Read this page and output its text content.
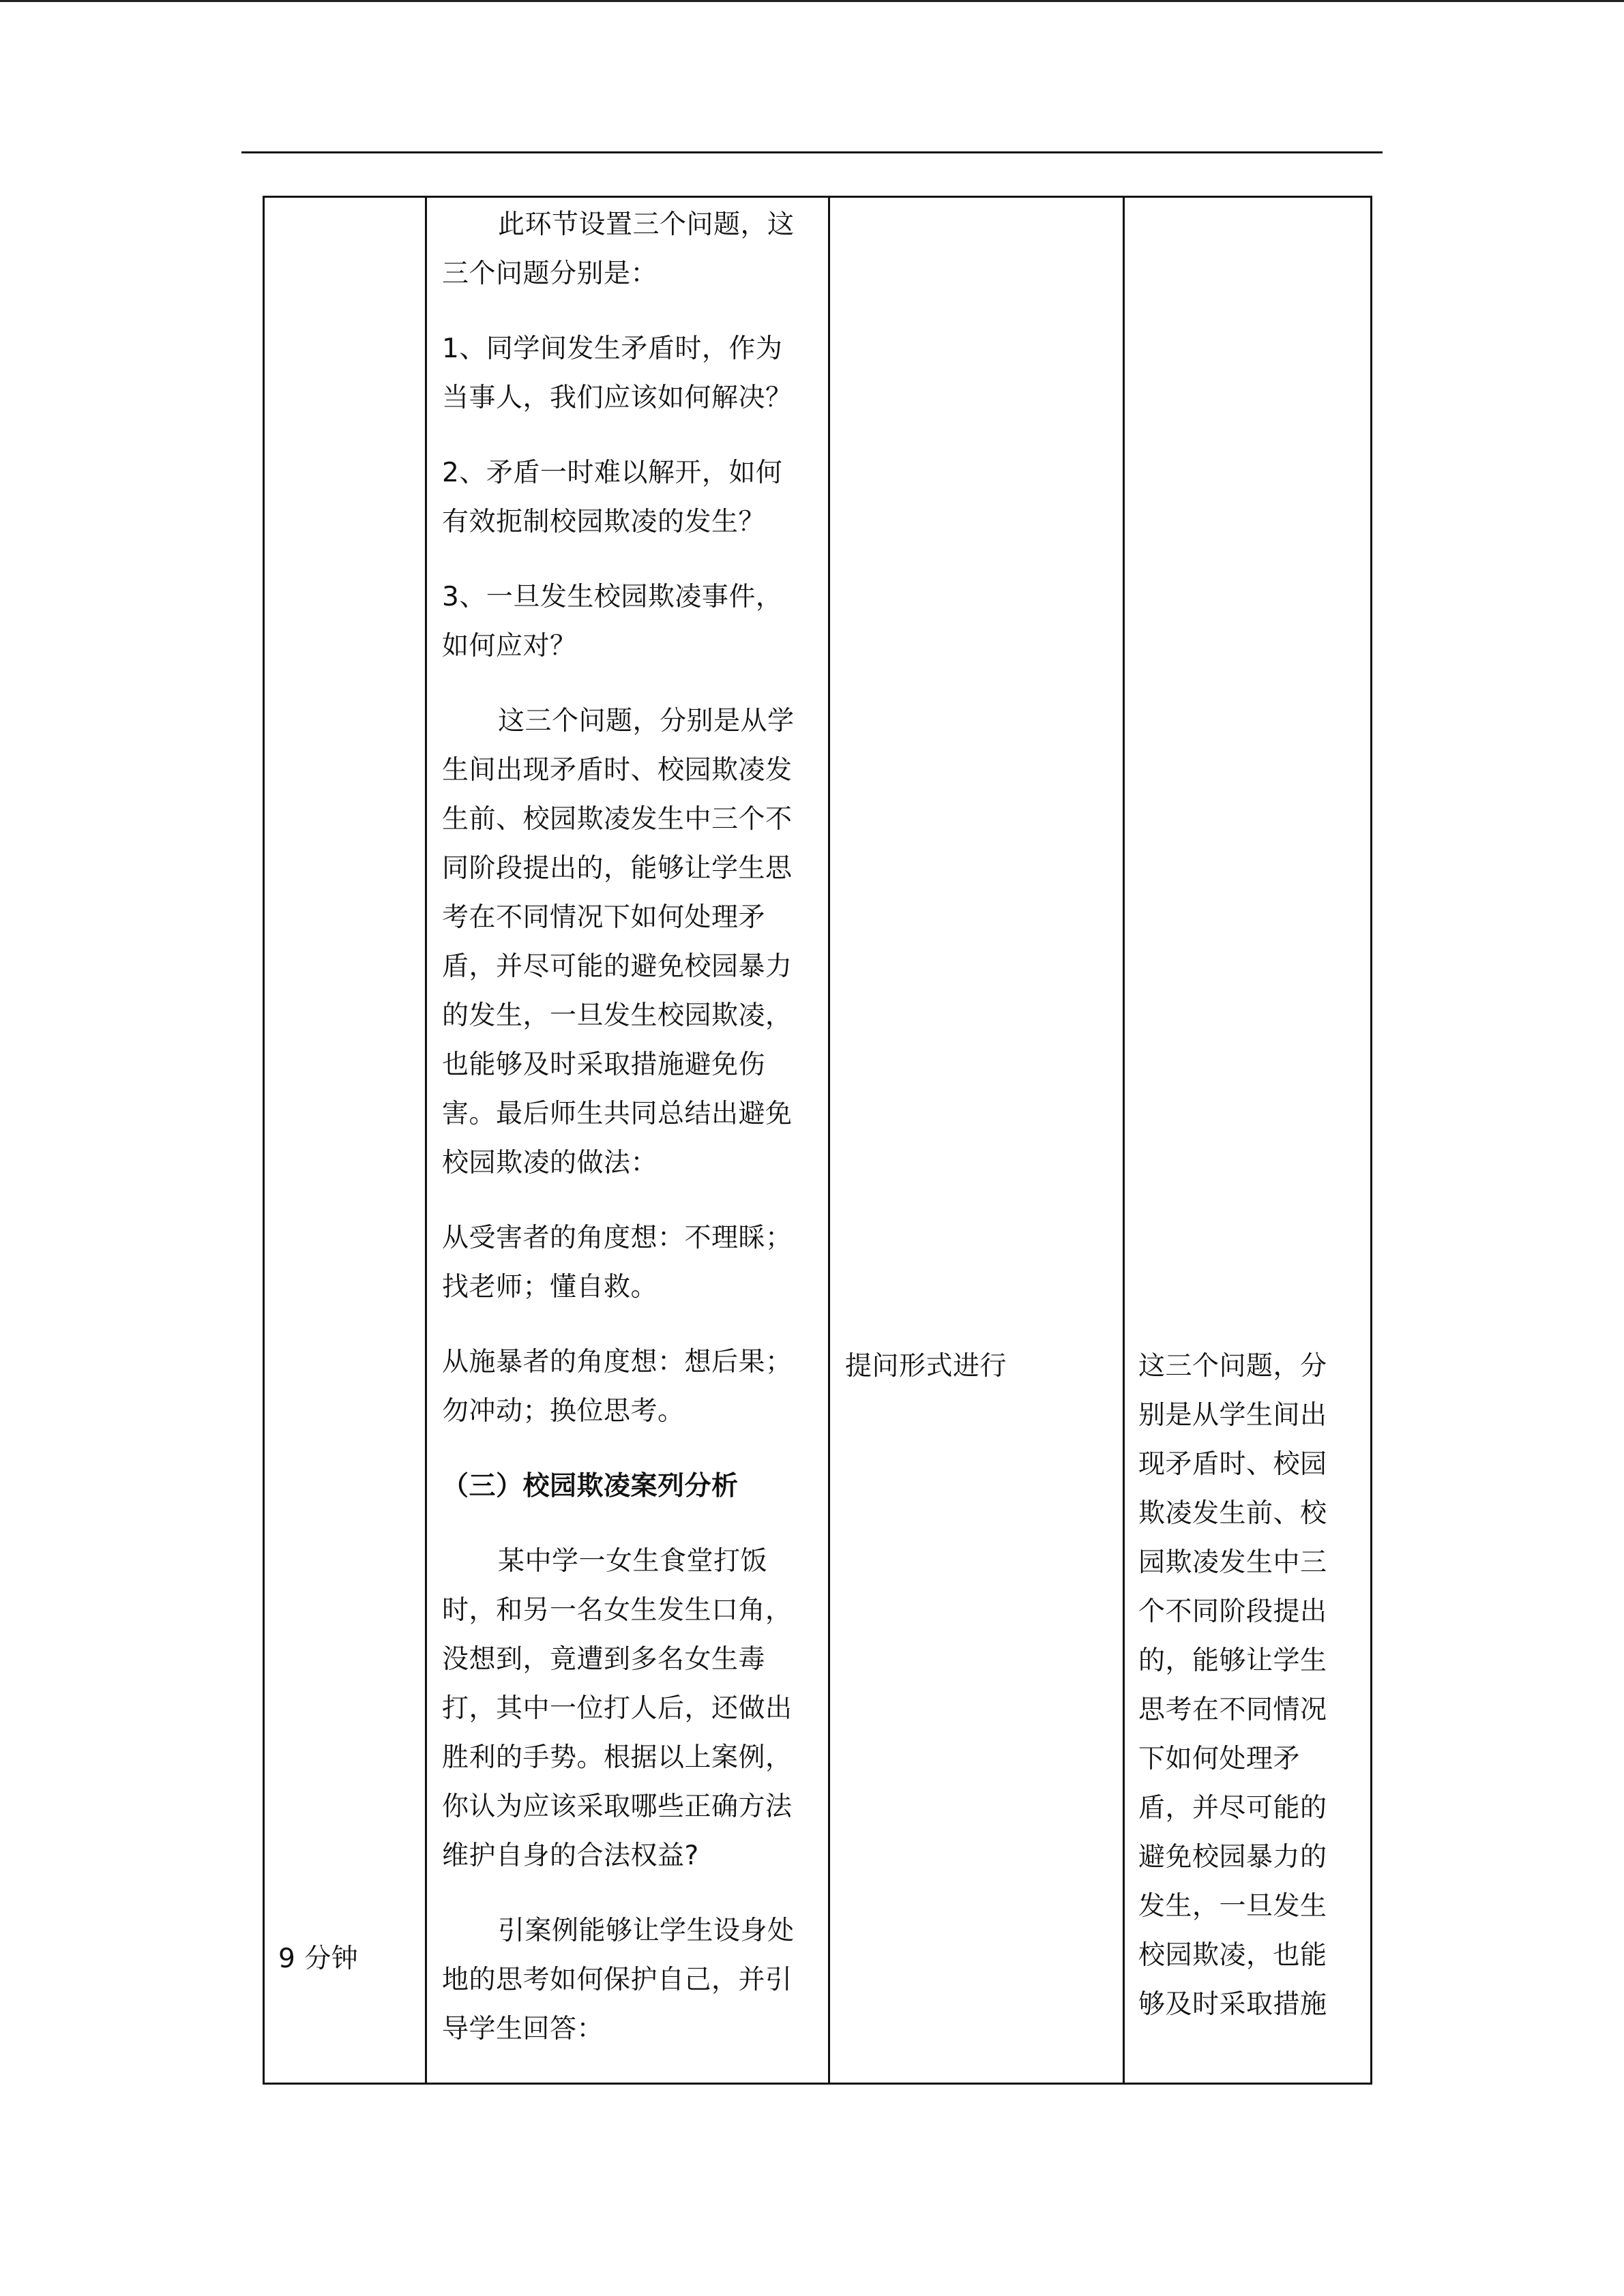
9 分钟

此环节设置三个问题，这
三个问题分别是：

1、同学间发生矛盾时，作为
当事人，我们应该如何解决？

2、矛盾一时难以解开，如何
有效扼制校园欺凌的发生？

3、一旦发生校园欺凌事件，
如何应对？

这三个问题，分别是从学
生间出现矛盾时、校园欺凌发
生前、校园欺凌发生中三个不
同阶段提出的，能够让学生思
考在不同情况下如何处理矛
盾，并尽可能的避免校园暴力
的发生，一旦发生校园欺凌，
也能够及时采取措施避免伤
害。最后师生共同总结出避免
校园欺凌的做法：

从受害者的角度想：不理睬；
找老师；懂自救。

从施暴者的角度想：想后果；
勿冲动；换位思考。

（三）校园欺凌案列分析

某中学一女生食堂打饭
时，和另一名女生发生口角，
没想到，竟遭到多名女生毒
打，其中一位打人后，还做出
胜利的手势。根据以上案例，
你认为应该采取哪些正确方法
维护自身的合法权益?

引案例能够让学生设身处
地的思考如何保护自己，并引
导学生回答：

提问形式进行	这三个问题，分
别是从学生间出
现矛盾时、校园
欺凌发生前、校
园欺凌发生中三
个不同阶段提出
的，能够让学生
思考在不同情况
下如何处理矛
盾，并尽可能的
避免校园暴力的
发生，一旦发生
校园欺凌，也能
够及时采取措施
